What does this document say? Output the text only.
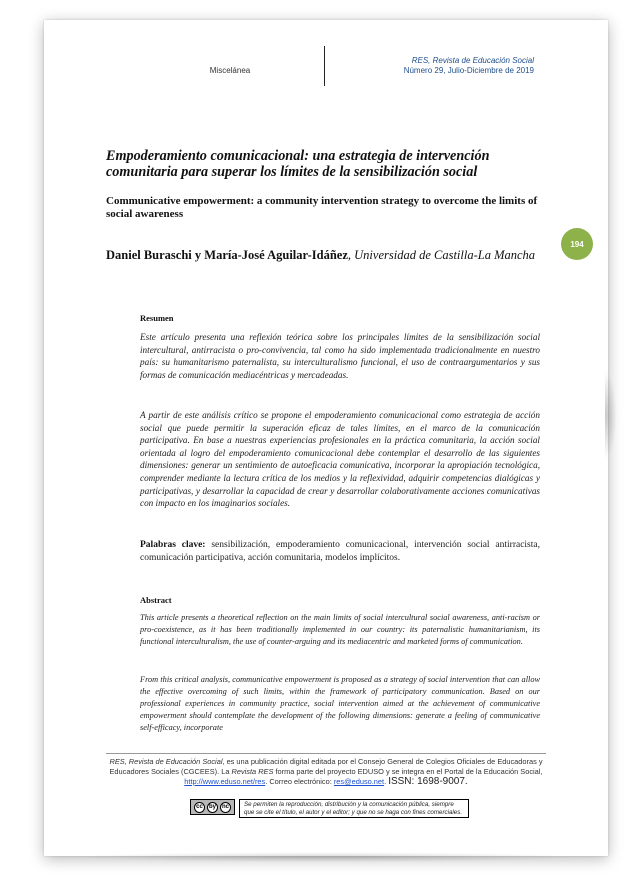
Miscelánea
RES, Revista de Educación Social
Número 29, Julio-Diciembre de 2019
Empoderamiento comunicacional: una estrategia de intervención comunitaria para superar los límites de la sensibilización social
Communicative empowerment: a community intervention strategy to overcome the limits of social awareness
Daniel Buraschi y María-José Aguilar-Idáñez, Universidad de Castilla-La Mancha
194
Resumen
Este artículo presenta una reflexión teórica sobre los principales límites de la sensibilización social intercultural, antirracista o pro-convivencia, tal como ha sido implementada tradicionalmente en nuestro país: su humanitarismo paternalista, su interculturalismo funcional, el uso de contraargumentarios y sus formas de comunicación mediacéntricas y mercadeadas.
A partir de este análisis crítico se propone el empoderamiento comunicacional como estrategia de acción social que puede permitir la superación eficaz de tales límites, en el marco de la comunicación participativa. En base a nuestras experiencias profesionales en la práctica comunitaria, la acción social orientada al logro del empoderamiento comunicacional debe contemplar el desarrollo de las siguientes dimensiones: generar un sentimiento de autoeficacia comunicativa, incorporar la apropiación tecnológica, comprender mediante la lectura crítica de los medios y la reflexividad, adquirir competencias dialógicas y participativas, y desarrollar la capacidad de crear y desarrollar colaborativamente acciones comunicativas con impacto en los imaginarios sociales.
Palabras clave: sensibilización, empoderamiento comunicacional, intervención social antirracista, comunicación participativa, acción comunitaria, modelos implícitos.
Abstract
This article presents a theoretical reflection on the main limits of social intercultural social awareness, anti-racism or pro-coexistence, as it has been traditionally implemented in our country: its paternalistic humanitarianism, its functional interculturalism, the use of counter-arguing and its mediacentric and marketed forms of communication.
From this critical analysis, communicative empowerment is proposed as a strategy of social intervention that can allow the effective overcoming of such limits, within the framework of participatory communication. Based on our professional experiences in community practice, social intervention aimed at the achievement of communicative empowerment should contemplate the development of the following dimensions: generate a feeling of communicative self-efficacy, incorporate
RES, Revista de Educación Social, es una publicación digital editada por el Consejo General de Colegios Oficiales de Educadoras y Educadores Sociales (CGCEES). La Revista RES forma parte del proyecto EDUSO y se integra en el Portal de la Educación Social, http://www.eduso.net/res. Correo electrónico: res@eduso.net. ISSN: 1698-9007.
cc	by nc	Se permiten la reproducción, distribución y la comunicación pública, siempre que se cite el título, el autor y el editor; y que no se haga con fines comerciales.
